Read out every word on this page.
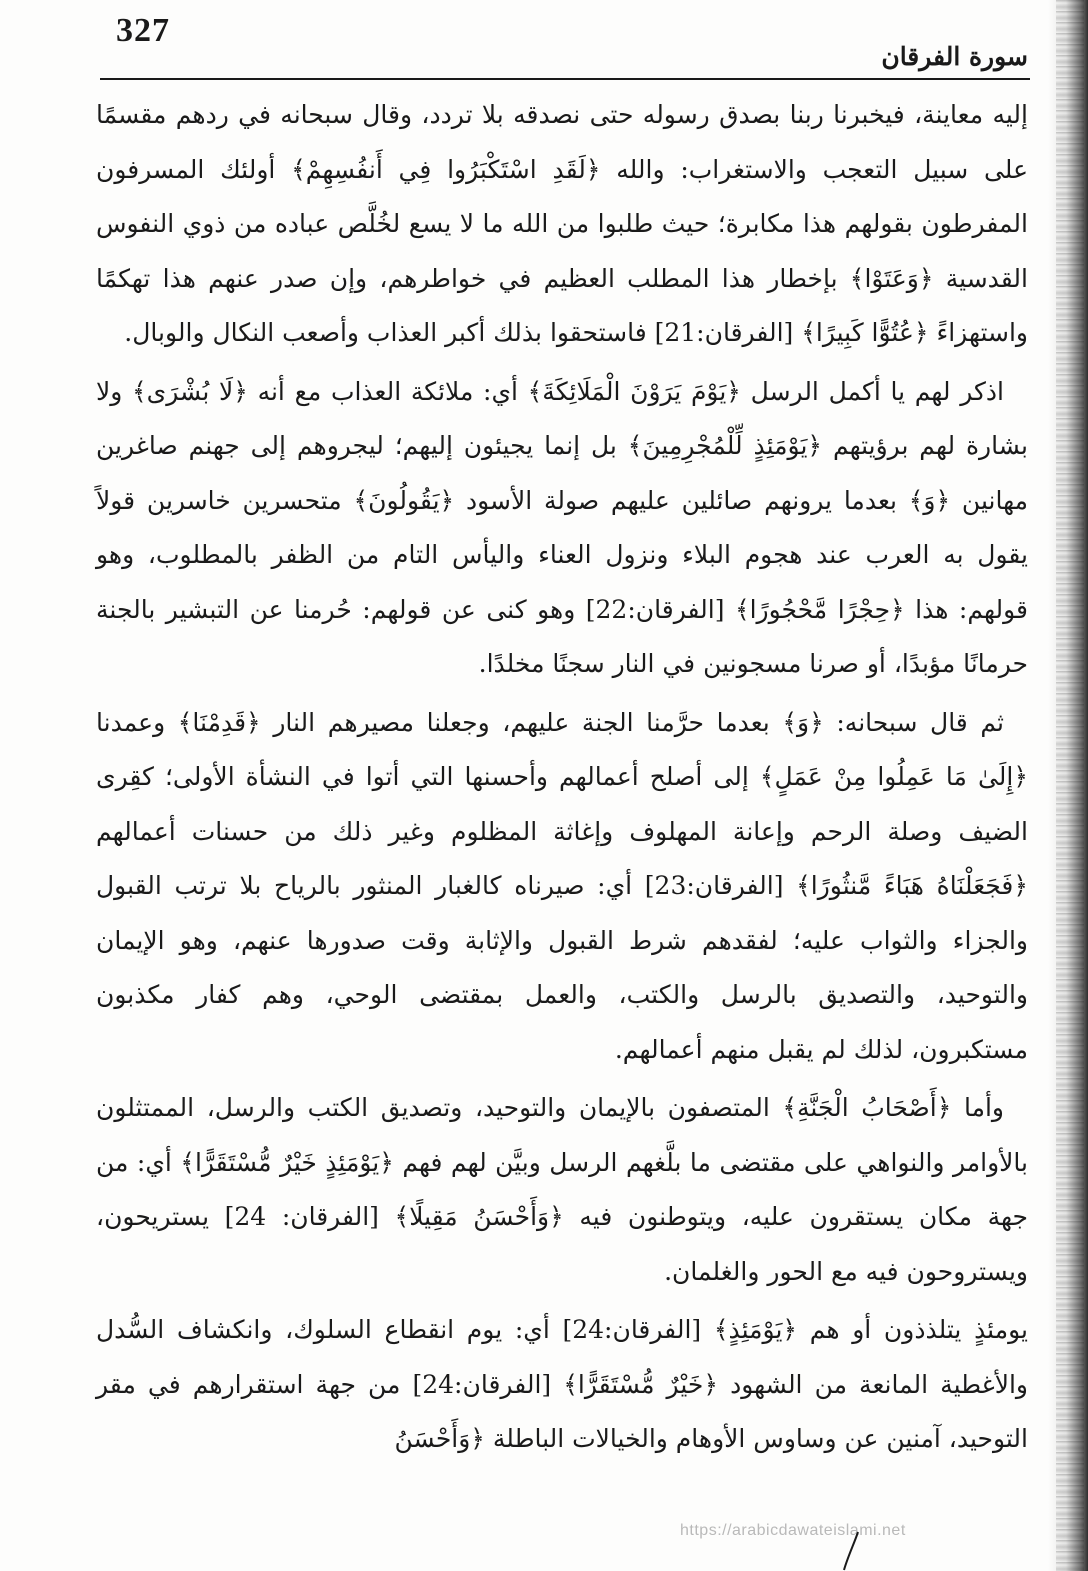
327
سورة الفرقان

إليه معاينة، فيخبرنا ربنا بصدق رسوله حتى نصدقه بلا تردد، وقال سبحانه في ردهم مقسمًا على سبيل التعجب والاستغراب: والله ﴿لَقَدِ اسْتَكْبَرُوا فِي أَنفُسِهِمْ﴾ أولئك المسرفون المفرطون بقولهم هذا مكابرة؛ حيث طلبوا من الله ما لا يسع لخُلَّص عباده من ذوي النفوس القدسية ﴿وَعَتَوْا﴾ بإخطار هذا المطلب العظيم في خواطرهم، وإن صدر عنهم هذا تهكمًا واستهزاءً ﴿عُتُوًّا كَبِيرًا﴾ [الفرقان:21] فاستحقوا بذلك أكبر العذاب وأصعب النكال والوبال.

اذكر لهم يا أكمل الرسل ﴿يَوْمَ يَرَوْنَ الْمَلَائِكَةَ﴾ أي: ملائكة العذاب مع أنه ﴿لَا بُشْرَى﴾ ولا بشارة لهم برؤيتهم ﴿يَوْمَئِذٍ لِّلْمُجْرِمِينَ﴾ بل إنما يجيئون إليهم؛ ليجروهم إلى جهنم صاغرين مهانين ﴿وَ﴾ بعدما يرونهم صائلين عليهم صولة الأسود ﴿يَقُولُونَ﴾ متحسرين خاسرين قولاً يقول به العرب عند هجوم البلاء ونزول العناء واليأس التام من الظفر بالمطلوب، وهو قولهم: هذا ﴿حِجْرًا مَّحْجُورًا﴾ [الفرقان:22] وهو كنى عن قولهم: حُرمنا عن التبشير بالجنة حرمانًا مؤبدًا، أو صرنا مسجونين في النار سجنًا مخلدًا.

ثم قال سبحانه: ﴿وَ﴾ بعدما حرَّمنا الجنة عليهم، وجعلنا مصيرهم النار ﴿قَدِمْنَا﴾ وعمدنا ﴿إِلَىٰ مَا عَمِلُوا مِنْ عَمَلٍ﴾ إلى أصلح أعمالهم وأحسنها التي أتوا في النشأة الأولى؛ كقِرى الضيف وصلة الرحم وإعانة المهلوف وإغاثة المظلوم وغير ذلك من حسنات أعمالهم ﴿فَجَعَلْنَاهُ هَبَاءً مَّنثُورًا﴾ [الفرقان:23] أي: صيرناه كالغبار المنثور بالرياح بلا ترتب القبول والجزاء والثواب عليه؛ لفقدهم شرط القبول والإثابة وقت صدورها عنهم، وهو الإيمان والتوحيد، والتصديق بالرسل والكتب، والعمل بمقتضى الوحي، وهم كفار مكذبون مستكبرون، لذلك لم يقبل منهم أعمالهم.

وأما ﴿أَصْحَابُ الْجَنَّةِ﴾ المتصفون بالإيمان والتوحيد، وتصديق الكتب والرسل، الممتثلون بالأوامر والنواهي على مقتضى ما بلَّغهم الرسل وبيَّن لهم فهم ﴿يَوْمَئِذٍ خَيْرٌ مُّسْتَقَرًّا﴾ أي: من جهة مكان يستقرون عليه، ويتوطنون فيه ﴿وَأَحْسَنُ مَقِيلًا﴾ [الفرقان: 24] يستريحون، ويستروحون فيه مع الحور والغلمان.

يومئذٍ يتلذذون أو هم ﴿يَوْمَئِذٍ﴾ [الفرقان:24] أي: يوم انقطاع السلوك، وانكشاف السُّدل والأغطية المانعة من الشهود ﴿خَيْرٌ مُّسْتَقَرًّا﴾ [الفرقان:24] من جهة استقرارهم في مقر التوحيد، آمنين عن وساوس الأوهام والخيالات الباطلة ﴿وَأَحْسَنُ

https://arabicdawateislami.net
